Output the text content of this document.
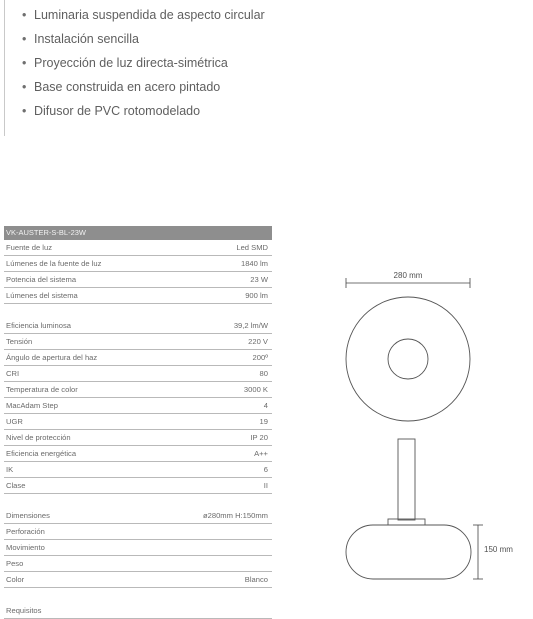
• Luminaria suspendida de aspecto circular
• Instalación sencilla
• Proyección de luz directa-simétrica
• Base construida en acero pintado
• Difusor de PVC rotomodelado
VK-AUSTER-S-BL-23W
Fuente de luz	Led SMD
Lúmenes de la fuente de luz	1840 lm
Potencia del sistema	23 W
Lúmenes del sistema	900 lm
Eficiencia luminosa	39,2 lm/W
Tensión	220 V
Ángulo de apertura del haz	200º
CRI	80
Temperatura de color	3000 K
MacAdam Step	4
UGR	19
Nivel de protección	IP 20
Eficiencia energética	A++
IK	6
Clase	II
Dimensiones	ø280mm H:150mm
Perforación
Movimiento
Peso
Color	Blanco
Requisitos
280 mm
150 mm
